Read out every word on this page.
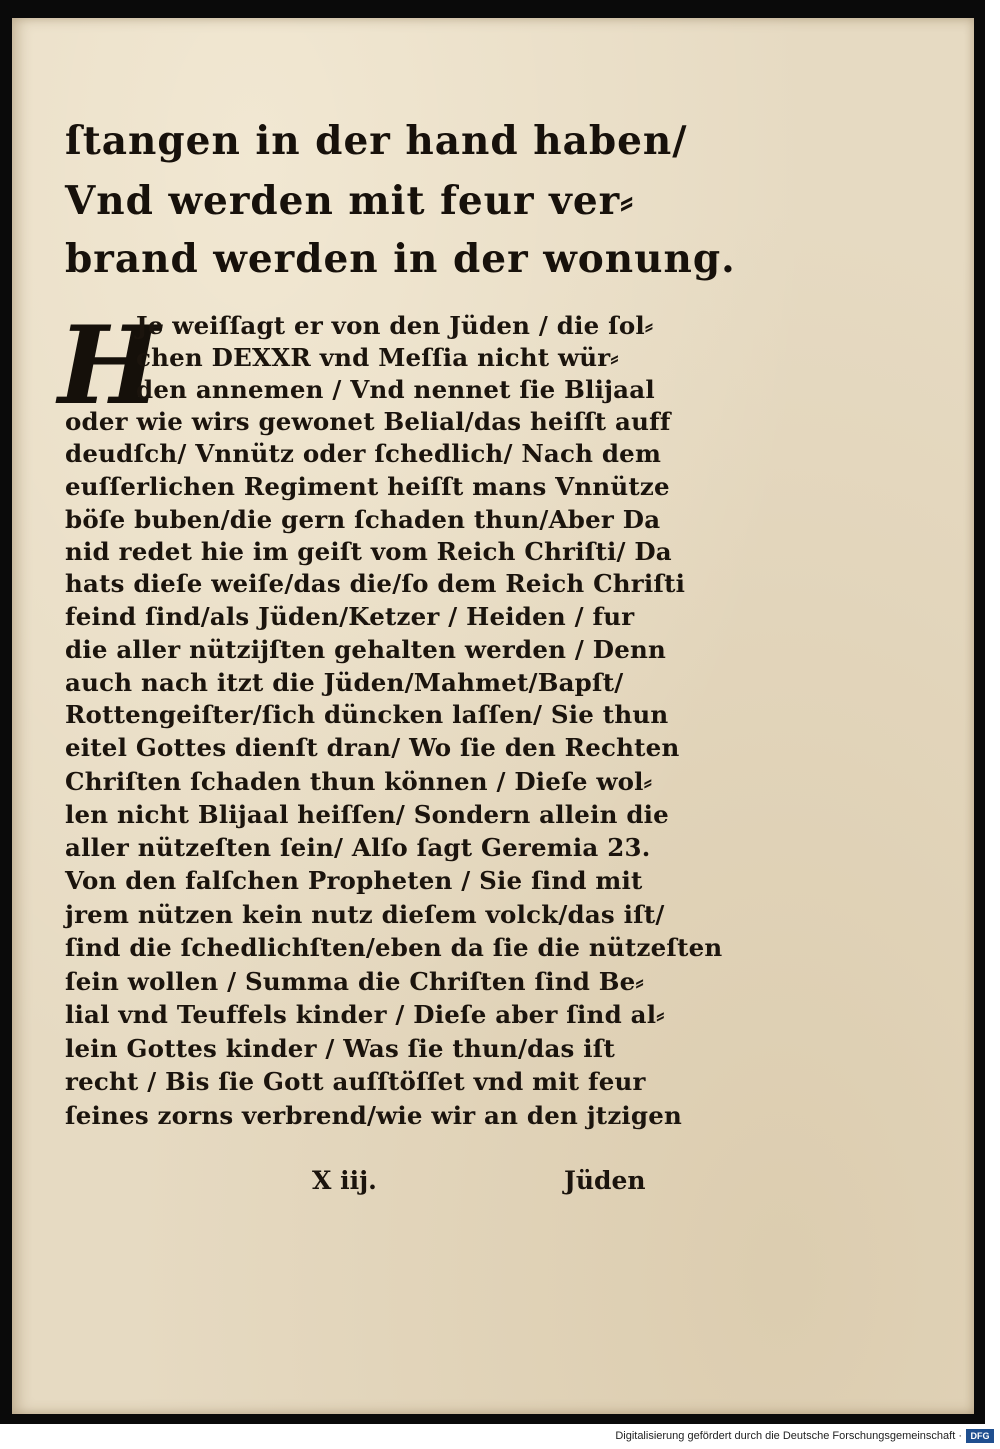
ſtangen in der hand haben/
Vnd werden mit feur ver⸗
brand werden in der wonung.
H
Je weiſſagt er von den Jüden / die ſol⸗
chen DEXXR vnd Meſſia nicht wür⸗
den annemen / Vnd nennet ſie Blijaal
oder wie wirs gewonet Belial/das heiſſt auff
deudſch/ Vnnütz oder ſchedlich/ Nach dem
euſſerlichen Regiment heiſſt mans Vnnütze
böſe buben/die gern ſchaden thun/Aber Da
nid redet hie im geiſt vom Reich Chriſti/ Da
hats dieſe weiſe/das die/ſo dem Reich Chriſti
feind ſind/als Jüden/Ketzer / Heiden / fur
die aller nützijſten gehalten werden / Denn
auch nach itzt die Jüden/Mahmet/Bapſt/
Rottengeiſter/ſich düncken laſſen/ Sie thun
eitel Gottes dienſt dran/ Wo ſie den Rechten
Chriſten ſchaden thun können / Dieſe wol⸗
len nicht Blijaal heiſſen/ Sondern allein die
aller nützeſten ſein/ Alſo ſagt Geremia 23.
Von den falſchen Propheten / Sie ſind mit
jrem nützen kein nutz dieſem volck/das iſt/
ſind die ſchedlichſten/eben da ſie die nützeſten
ſein wollen / Summa die Chriſten ſind Be⸗
lial vnd Teuffels kinder / Dieſe aber ſind al⸗
lein Gottes kinder / Was ſie thun/das iſt
recht / Bis ſie Gott auſſtöſſet vnd mit feur
ſeines zorns verbrend/wie wir an den jtzigen
X iij.	Jüden
Digitalisierung gefördert durch die Deutsche Forschungsgemeinschaft · DFG
